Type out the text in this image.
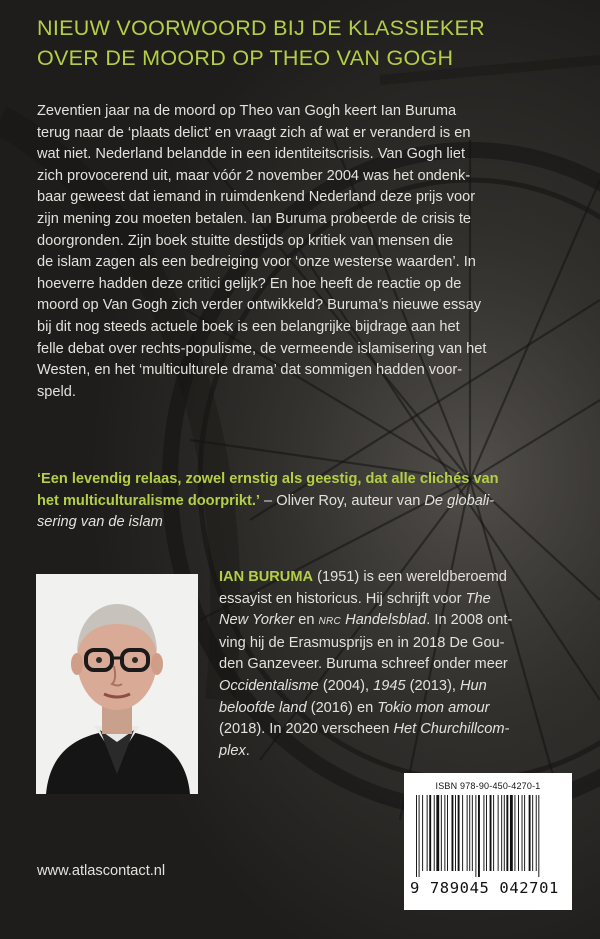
NIEUW VOORWOORD BIJ DE KLASSIEKER
OVER DE MOORD OP THEO VAN GOGH

Zeventien jaar na de moord op Theo van Gogh keert Ian Buruma
terug naar de ‘plaats delict’ en vraagt zich af wat er veranderd is en
wat niet. Nederland belandde in een identiteitscrisis. Van Gogh liet
zich provocerend uit, maar vóór 2 november 2004 was het ondenk-
baar geweest dat iemand in ruimdenkend Nederland deze prijs voor
zijn mening zou moeten betalen. Ian Buruma probeerde de crisis te
doorgronden. Zijn boek stuitte destijds op kritiek van mensen die
de islam zagen als een bedreiging voor ‘onze westerse waarden’. In
hoeverre hadden deze critici gelijk? En hoe heeft de reactie op de
moord op Van Gogh zich verder ontwikkeld? Buruma’s nieuwe essay
bij dit nog steeds actuele boek is een belangrijke bijdrage aan het
felle debat over rechts-populisme, de vermeende islamisering van het
Westen, en het ‘multiculturele drama’ dat sommigen hadden voor-
speld.

‘Een levendig relaas, zowel ernstig als geestig, dat alle clichés van
het multiculturalisme doorprikt.’ – Oliver Roy, auteur van De globali-
sering van de islam

IAN BURUMA (1951) is een wereldberoemd
essayist en historicus. Hij schrijft voor The
New Yorker en NRC Handelsblad. In 2008 ont-
ving hij de Erasmusprijs en in 2018 De Gou-
den Ganzeveer. Buruma schreef onder meer
Occidentalisme (2004), 1945 (2013), Hun
beloofde land (2016) en Tokio mon amour
(2018). In 2020 verscheen Het Churchillcom-
plex.

www.atlascontact.nl

ISBN 978-90-450-4270-1
9 789045 042701
